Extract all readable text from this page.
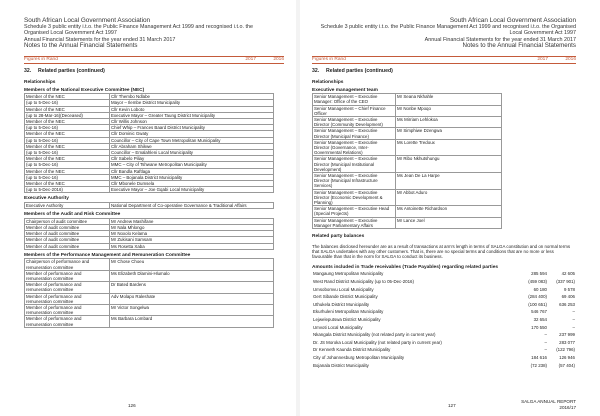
South African Local Government Association
Schedule 3 public entity i.t.o. the Public Finance Management Act 1999 and recognised i.t.o. the Organised Local Government Act 1997
Annual Financial Statements for the year ended 31 March 2017
Notes to the Annual Financial Statements
Figures in Rand	2017	2016
32. Related parties (continued)
Relationships
Members of the National Executive Committee (NEC)
Member of the NEC	Cllr Thembo Ndlabe
(up to 5-Dec-16)	Mayor – Ilembe District Municipality
Member of the NEC	Cllr Kevin Loboto
(up to 28-Mar-16)(Deceased)	Executive Mayor – Greater Taung District Municipality
Member of the NEC	Cllr Willis Johnson
(up to 5-Dec-16)	Chief Whip – Frances Baard District Municipality
Member of the NEC	Cllr Dominic Gwaty
(up to 5-Dec-16)	Councillor – City of Cape Town Metropolitan Municipality
Member of the NEC	Cllr Abraham Shikwe
(up to 5-Dec-16)	Councillor – Emalahleni Local Municipality
Member of the NEC	Cllr Sabelo Piliay
(up to 5-Dec-16)	MMC – City of Tshwane Metropolitan Municipality
Member of the NEC	Cllr Bandla Raftlaga
(up to 5-Dec-16)	MMC – Bojanala District Municipality
Member of the NEC	Cllr Mbonele Dumsela
(up to 5-Dec-2016)	Executive Mayor – Joe Gqabi Local Municipality
Executive Authority
Executive Authority	National Department of Co-operative Governance & Traditional Affairs
Members of the Audit and Risk Committee
Chairperson of audit committee	Mr Andrew Mashifane
Member of audit committee	Mr Nala Mhlongo
Member of audit committee	Mr Noxolo Kelama
Member of audit committee	Mr Zukisani Samsam
Member of audit committee	Ms Rosetta Xaba
Members of the Performance Management and Remuneration Committee
Chairperson of performance and remuneration committee	Mr Chose Choeu
Member of performance and remuneration committee	Ms Elizabeth Dlamini-Hlumalo
Member of performance and remuneration committee	Dr Bated Bardens
Member of performance and remuneration committee	Adv Molapo Raleshate
Member of performance and remuneration committee	Mr Victor Songelwa
Member of performance and remuneration committee	Ms Barbara Lombard
126
South African Local Government Association
Schedule 3 public entity i.t.o. the Public Finance Management Act 1999 and recognised i.t.o. the Organised Local Government Act 1997
Annual Financial Statements for the year ended 31 March 2017
Notes to the Annual Financial Statements
Figures in Rand	2017	2016
32. Related parties (continued)
Relationships
Executive management team
Senior Management – Executive Manager: Office of the CEO	Mr Seana Nkhahle
Senior Management – Chief Finance Officer	Mr Nonbe Mpoqo
Senior Management – Executive Director (Community Development)	Ms Mirriam Lehlokoa
Senior Management – Executive Director (Municipal Finance)	Mr Simphiwe Dzengwa
Senior Management – Executive Director (Governance, Inter-Governmental Relations)	Ms Lorette Tredoux
Senior Management – Executive Director (Municipal Institutional Development)	Mr Ribo Nkhutshungu
Senior Management – Executive Director (Municipal Infrastructure Services)	Ms Jean De La Harpe
Senior Management – Executive Director (Economic Development & Planning)	Mr Abbot Aduro
Senior Management – Executive Head (Special Projects)	Ms Antoinette Richardson
Senior Management – Executive Manager Parliamentary Affairs	Mr Lance Joel
Related party balances
The balances disclosed hereunder are as a result of transactions at arm's length in terms of SALGA constitution and on normal terms that SALGA undertakes with any other customers. That is, there are no special terms and conditions that are no more or less favourable than that in the norm for SALGA to conduct its business.
Amounts included in Trade receivables (Trade Payables) regarding related parties
Mangaung Metropolitan Municipality	285 594	42 605
West Rand District Municipality (up to 05-Dec-2016)	(459 083)	(337 901)
Umsobomvu Local Municipality	60 180	9 578
Gert Sibande District Municipality	(284 400)	69 406
Uthukela District Municipality	(100 651)	636 253
Ekurhuleni Metropolitan Municipality	546 767	–
Lejweleputswa District Municipality	32 654	–
Umvoti Local Municipality	170 550	–
Nkangala District Municipality (not related party in current year)	–	237 999
Dr. JS Moroka Local Municipality (not related party in current year)	–	283 077
Dr Kenneth Kaunda District Municipality	–	(122 796)
City of Johannesburg Metropolitan Municipality	184 616	126 946
Bojanala District Municipality	(72 238)	(57 404)
127
SALGA ANNUAL REPORT
2016/17
